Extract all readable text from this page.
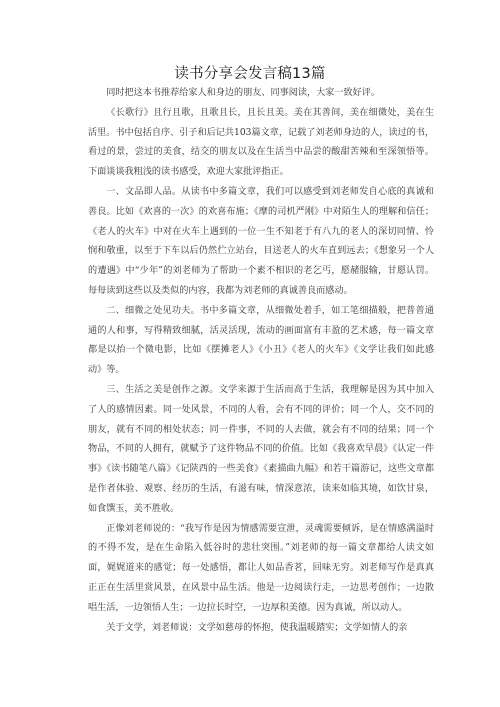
读书分享会发言稿13篇

同时把这本书推荐给家人和身边的朋友、同事阅读，大家一致好评。

《长歌行》且行且歌，且歌且长，且长且美。美在其善间，美在细微处，美在生活里。书中包括自序、引子和后记共103篇文章，记载了刘老师身边的人，读过的书，看过的景，尝过的美食，结交的朋友以及在生活当中品尝的酸甜苦辣和至深领悟等。下面谈谈我粗浅的读书感受，欢迎大家批评指正。

一、文品即人品。从读书中多篇文章，我们可以感受到刘老师发自心底的真诚和善良。比如《欢喜的一次》的欢喜布施；《摩的司机严刚》中对陌生人的理解和信任；《老人的火车》中对在火车上遇到的一位一生不知老于有八九的老人的深切同情、怜悯和敬重，以至于下车以后仍然伫立站台，目送老人的火车直到远去；《想象另一个人的遭遇》中“少年”的刘老师为了帮助一个素不相识的老乞丐，愿赭服输，甘愿认罚。每每读到这些以及类似的内容，我都为刘老师的真诚善良而感动。

二、细微之处见功夫。书中多篇文章，从细微处着手，如工笔细描般，把普普通通的人和事，写得精致细腻，活灵活现，流动的画面富有丰盈的艺术感，每一篇文章都是以抬一个微电影，比如《摆摊老人》《小丑》《老人的火车》《文学让我们如此感动》等。

三、生活之美是创作之源。文学来源于生活而高于生活，我理解是因为其中加入了人的感情因素。同一处风景，不同的人看，会有不同的评价；同一个人，交不同的朋友，就有不同的相处状态；同一件事，不同的人去做，就会有不同的结果；同一个物品，不同的人拥有，就赋予了这件物品不同的价值。比如《我喜欢早晨》《认定一件事》《读书随笔八篇》《记陕西的一些美食》《素描曲九幅》和若干篇游记，这些文章都是作者体验、观察、经历的生活，有滋有味，情深意浓，读来如临其境，如饮甘泉，如食馔玉，美不胜收。

正像刘老师说的：“我写作是因为情感需要宣泄，灵魂需要倾诉，是在情感满溢时的不得不发，是在生命陷入低谷时的悲壮突围。”刘老师的每一篇文章都给人读文如面，娓娓道来的感觉；每一处感悟，都让人如品香茗，回味无穷。刘老师写作是真真正正在生活里赏风景，在风景中品生活。他是一边阅读行走，一边思考创作；一边散唱生活，一边领悟人生；一边拉长时空，一边厚积美德。因为真诚，所以动人。

关于文学，刘老师说：文学如慈母的怀抱，使我温暖踏实；文学如情人的亲
